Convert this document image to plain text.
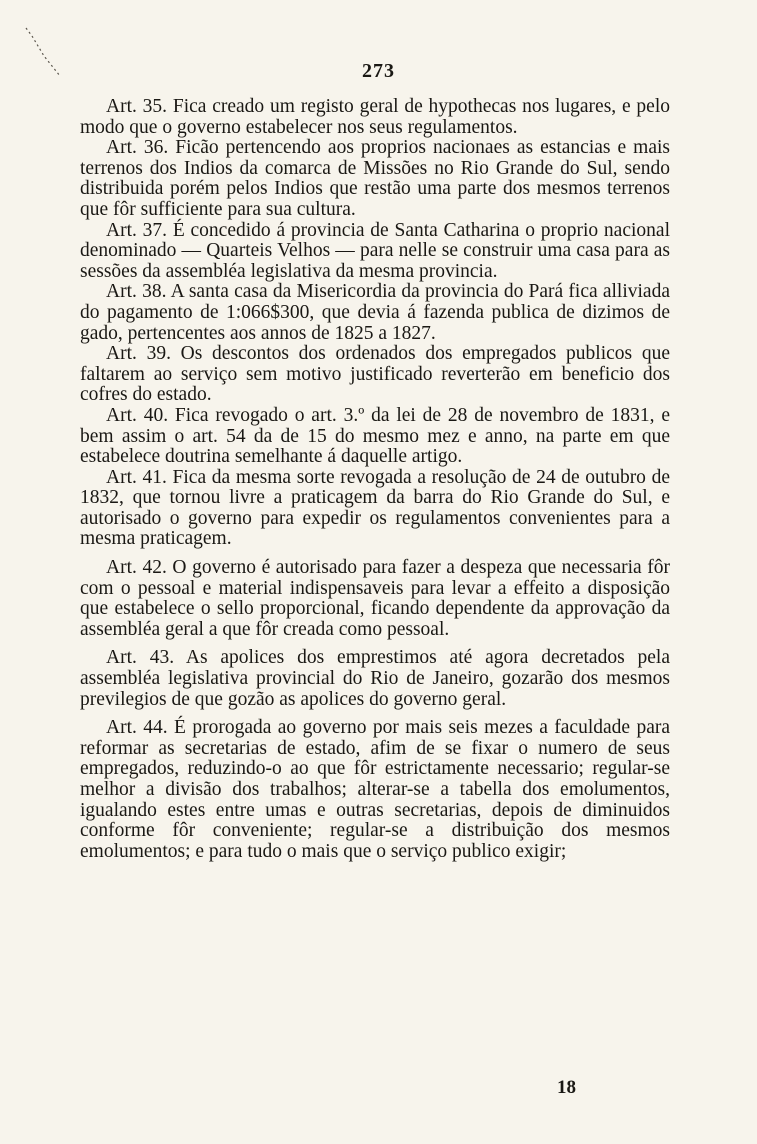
273

Art. 35. Fica creado um registo geral de hypothecas nos lugares, e pelo modo que o governo estabelecer nos seus regulamentos.

Art. 36. Ficão pertencendo aos proprios nacionaes as estancias e mais terrenos dos Indios da comarca de Missões no Rio Grande do Sul, sendo distribuida porém pelos Indios que restão uma parte dos mesmos terrenos que fôr sufficiente para sua cultura.

Art. 37. É concedido á provincia de Santa Catharina o proprio nacional denominado — Quarteis Velhos — para nelle se construir uma casa para as sessões da assembléa legislativa da mesma provincia.

Art. 38. A santa casa da Misericordia da provincia do Pará fica alliviada do pagamento de 1:066$300, que devia á fazenda publica de dizimos de gado, pertencentes aos annos de 1825 a 1827.

Art. 39. Os descontos dos ordenados dos empregados publicos que faltarem ao serviço sem motivo justificado reverterão em beneficio dos cofres do estado.

Art. 40. Fica revogado o art. 3.º da lei de 28 de novembro de 1831, e bem assim o art. 54 da de 15 do mesmo mez e anno, na parte em que estabelece doutrina semelhante á daquelle artigo.

Art. 41. Fica da mesma sorte revogada a resolução de 24 de outubro de 1832, que tornou livre a praticagem da barra do Rio Grande do Sul, e autorisado o governo para expedir os regulamentos convenientes para a mesma praticagem.

Art. 42. O governo é autorisado para fazer a despeza que necessaria fôr com o pessoal e material indispensaveis para levar a effeito a disposição que estabelece o sello proporcional, ficando dependente da approvação da assembléa geral a que fôr creada como pessoal.

Art. 43. As apolices dos emprestimos até agora decretados pela assembléa legislativa provincial do Rio de Janeiro, gozarão dos mesmos previlegios de que gozão as apolices do governo geral.

Art. 44. É prorogada ao governo por mais seis mezes a faculdade para reformar as secretarias de estado, afim de se fixar o numero de seus empregados, reduzindo-o ao que fôr estrictamente necessario; regular-se melhor a divisão dos trabalhos; alterar-se a tabella dos emolumentos, igualando estes entre umas e outras secretarias, depois de diminuidos conforme fôr conveniente; regular-se a distribuição dos mesmos emolumentos; e para tudo o mais que o serviço publico exigir;

18
